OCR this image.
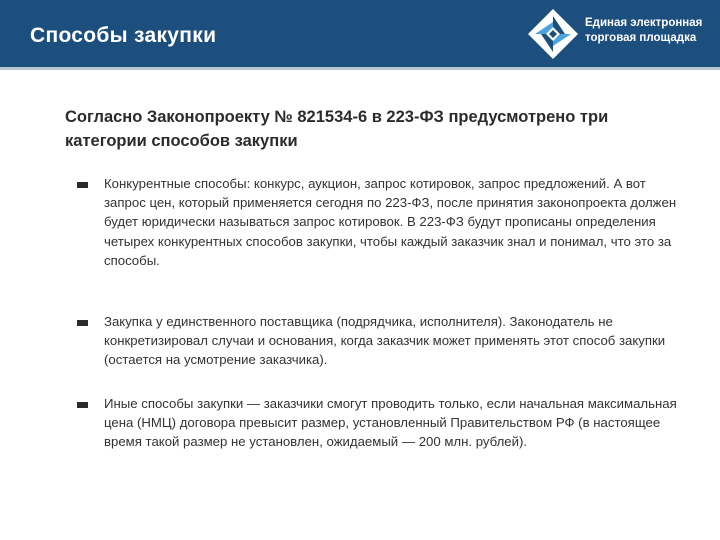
Способы закупки
Единая электронная
торговая площадка
Согласно Законопроекту № 821534-6 в 223-ФЗ предусмотрено три категории способов закупки
Конкурентные способы: конкурс, аукцион, запрос котировок, запрос предложений. А вот запрос цен, который применяется сегодня по 223-ФЗ, после принятия законопроекта должен будет юридически называться запрос котировок. В 223-ФЗ будут прописаны определения четырех конкурентных способов закупки, чтобы каждый заказчик знал и понимал, что это за способы.
Закупка у единственного поставщика (подрядчика, исполнителя). Законодатель не конкретизировал случаи и основания, когда заказчик может применять этот способ закупки (остается на усмотрение заказчика).
Иные способы закупки — заказчики смогут проводить только, если начальная максимальная цена (НМЦ) договора превысит размер, установленный Правительством РФ (в настоящее время такой размер не установлен, ожидаемый — 200 млн. рублей).
